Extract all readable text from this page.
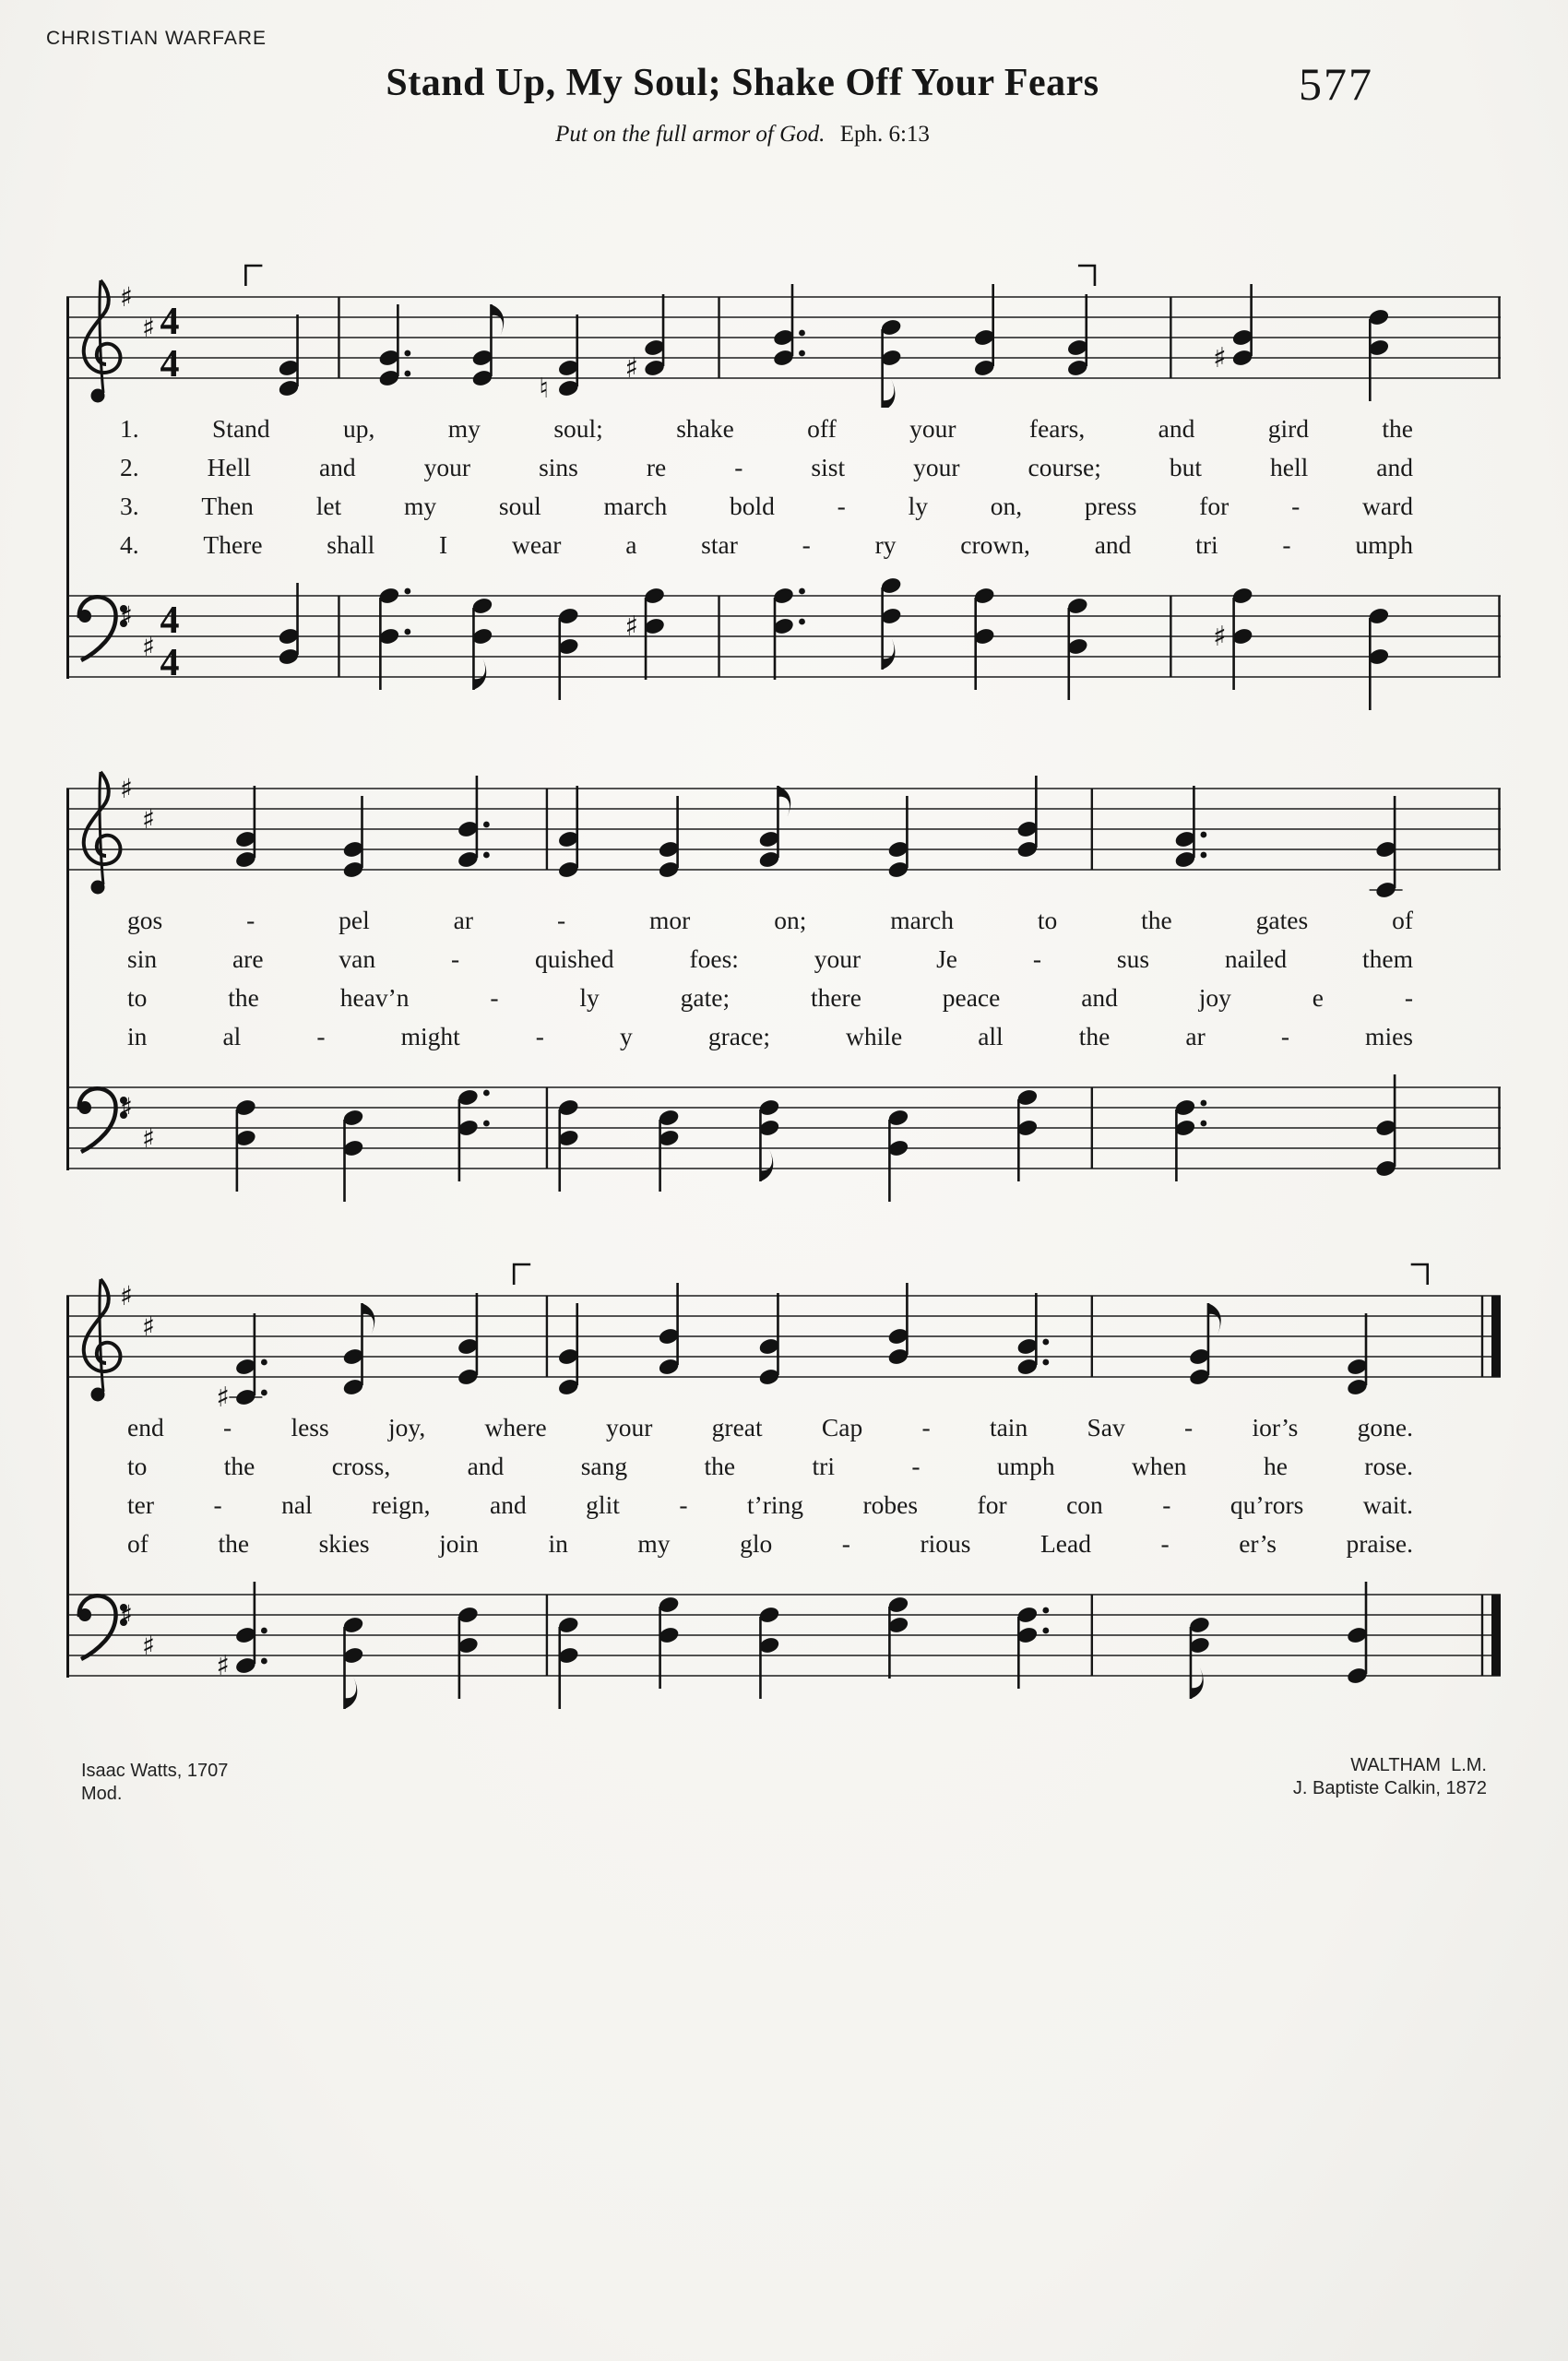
CHRISTIAN WARFARE
Stand Up, My Soul; Shake Off Your Fears	577
Put on the full armor of God. Eph. 6:13
♯
♯ 4
4
♮
♯	♯
1. Stand up, my soul; shake off your fears, and gird the
2. Hell and your sins re - sist your course; but hell and
3. Then let my soul march bold - ly on, press for - ward
4. There shall I wear a star - ry crown, and tri - umph
♯
♯
4
4
♯	♯
♯
♯
gos - pel ar - mor on; march to the gates of
sin are van - quished foes: your Je - sus nailed them
to the heav’n - ly gate; there peace and joy e -
in al - might - y grace; while all the ar - mies
♯
♯
♯
♯
♯
end - less joy, where your great Cap - tain Sav - ior’s gone.
to the cross, and sang the tri - umph when he rose.
ter - nal reign, and glit - t’ring robes for con - qu’rors wait.
of the skies join in my glo - rious Lead - er’s praise.
♯
♯
♯
Isaac Watts, 1707
Mod.
WALTHAM  L.M.
J. Baptiste Calkin, 1872
